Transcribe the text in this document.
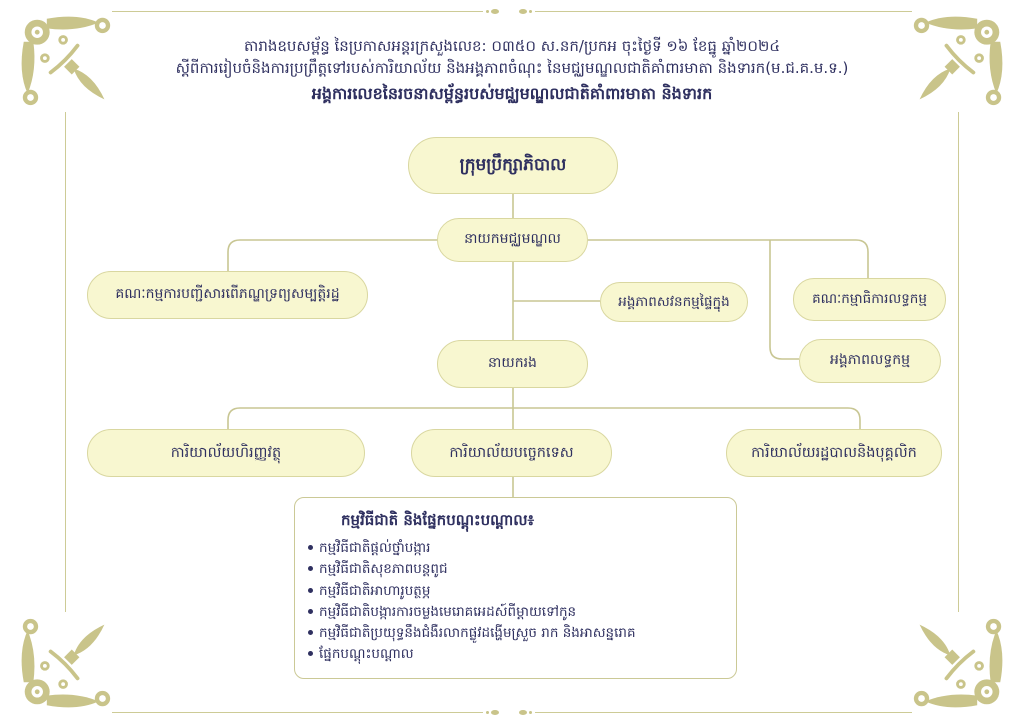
តារាងឧបសម្ព័ន្ធ នៃប្រកាសអន្តរក្រសួងលេខ: ០៣៥០ ស.នក/ប្រកអ ចុះថ្ងៃទី ១៦ ខែធ្នូ ឆ្នាំ២០២៤
ស្តីពីការរៀបចំនិងការប្រព្រឹត្តទៅរបស់ការិយាល័យ និងអង្គភាពចំណុះ នៃមជ្ឈមណ្ឌលជាតិគាំពារមាតា និងទារក(ម.ជ.គ.ម.ទ.)
អង្គការលេខនៃរចនាសម្ព័ន្ធរបស់មជ្ឈមណ្ឌលជាតិគាំពារមាតា និងទារក
ក្រុមប្រឹក្សាភិបាល
នាយកមជ្ឈមណ្ឌល
គណៈកម្មការបញ្ជីសារពើភណ្ឌទ្រព្យសម្បត្តិរដ្ឋ	អង្គភាពសវនកម្មផ្ទៃក្នុង	គណៈកម្មាធិការលទ្ធកម្ម
អង្គភាពលទ្ធកម្ម
នាយករង
ការិយាល័យហិរញ្ញវត្ថុ	ការិយាល័យបច្ចេកទេស	ការិយាល័យរដ្ឋបាលនិងបុគ្គលិក
កម្មវិធីជាតិ និងផ្នែកបណ្តុះបណ្តាល៖
កម្មវិធីជាតិផ្តល់ថ្នាំបង្ការ
កម្មវិធីជាតិសុខភាពបន្តពូជ
កម្មវិធីជាតិអាហារូបត្ថម្ភ
កម្មវិធីជាតិបង្ការការចម្លងមេរោគអេដស៍ពីម្តាយទៅកូន
កម្មវិធីជាតិប្រយុទ្ធនឹងជំងឺរលាកផ្លូវដង្ហើមស្រួច រាក និងអាសន្នរោគ
ផ្នែកបណ្តុះបណ្តាល
